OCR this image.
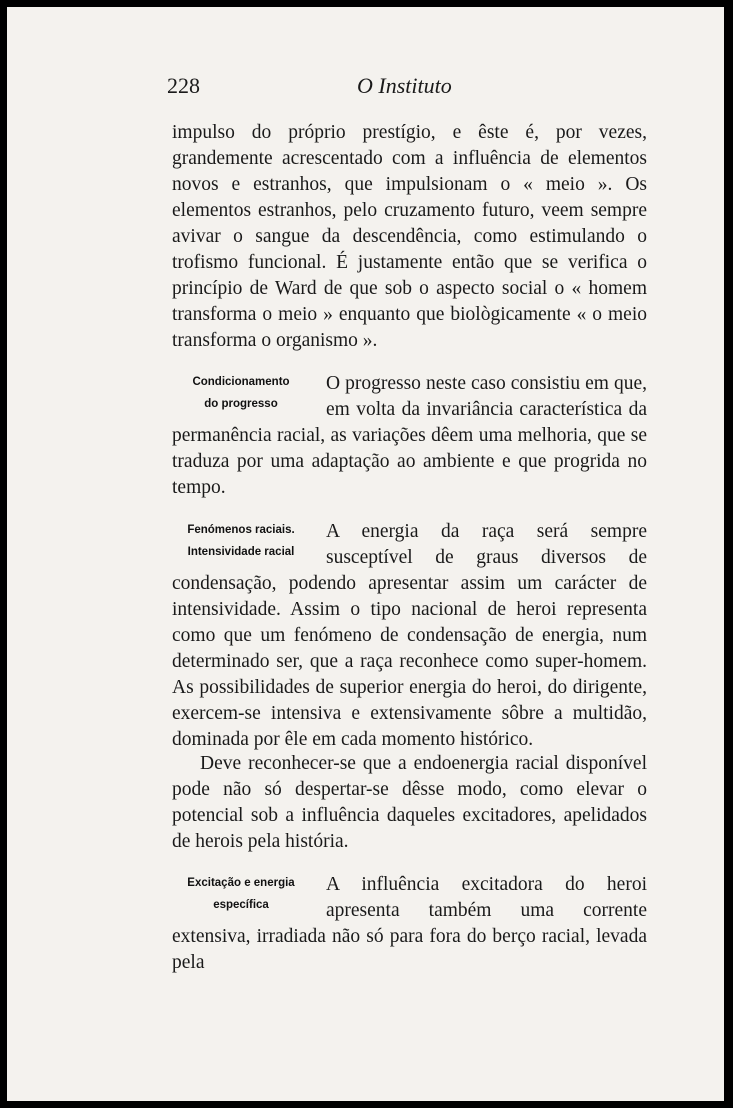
228	O Instituto

impulso do próprio prestígio, e êste é, por vezes, grandemente acrescentado com a influência de elementos novos e estranhos, que impulsionam o « meio ». Os elementos estranhos, pelo cruzamento futuro, veem sempre avivar o sangue da descendência, como estimulando o trofismo funcional. É justamente então que se verifica o princípio de Ward de que sob o aspecto social o « homem transforma o meio » enquanto que biològicamente « o meio transforma o organismo ».

Condicionamento
do progresso

O progresso neste caso consistiu em que, em volta da invariância característica da permanência racial, as variações dêem uma melhoria, que se traduza por uma adaptação ao ambiente e que progrida no tempo.

Fenómenos raciais.
Intensividade racial

A energia da raça será sempre susceptível de graus diversos de condensação, podendo apresentar assim um carácter de intensividade. Assim o tipo nacional de heroi representa como que um fenómeno de condensação de energia, num determinado ser, que a raça reconhece como super-homem. As possibilidades de superior energia do heroi, do dirigente, exercem-se intensiva e extensivamente sôbre a multidão, dominada por êle em cada momento histórico.

Deve reconhecer-se que a endoenergia racial disponível pode não só despertar-se dêsse modo, como elevar o potencial sob a influência daqueles excitadores, apelidados de herois pela história.

Excitação e energia
específica

A influência excitadora do heroi apresenta também uma corrente extensiva, irradiada não só para fora do berço racial, levada pela
